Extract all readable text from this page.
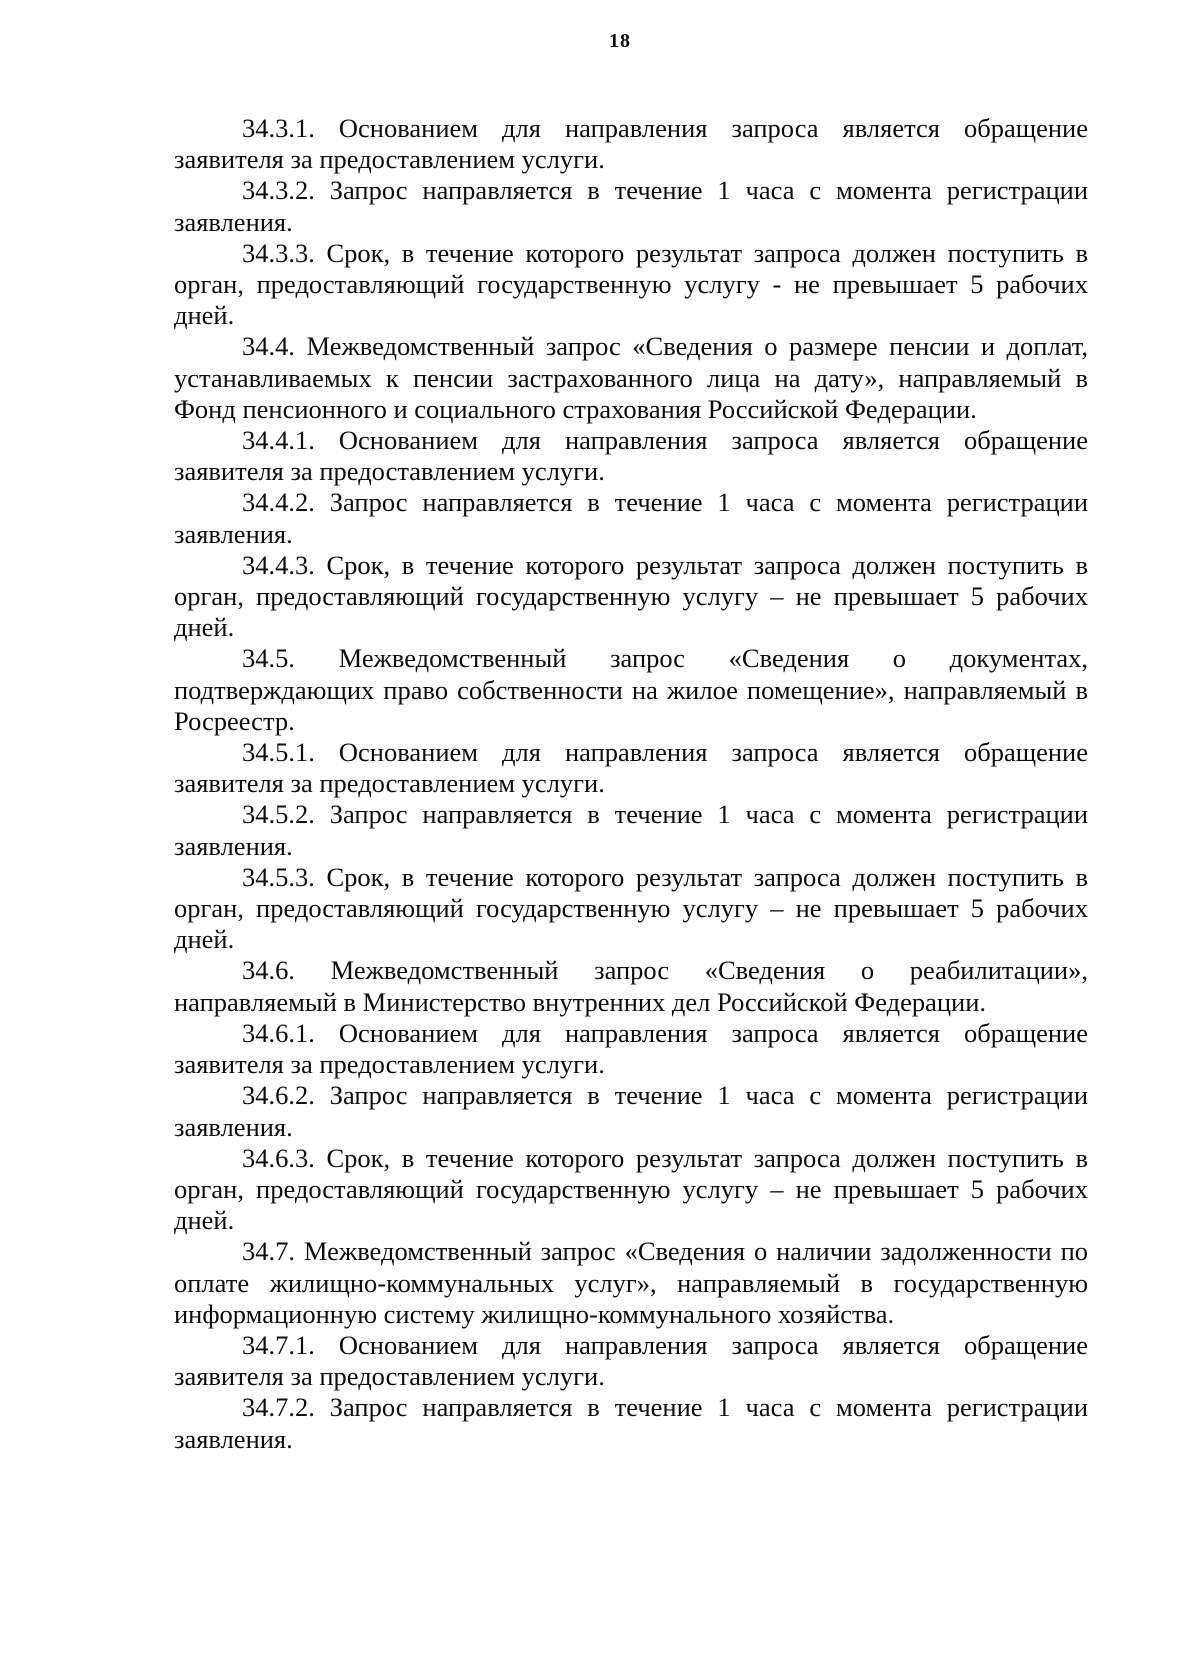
18

34.3.1. Основанием для направления запроса является обращение заявителя за предоставлением услуги.

34.3.2. Запрос направляется в течение 1 часа с момента регистрации заявления.

34.3.3. Срок, в течение которого результат запроса должен поступить в орган, предоставляющий государственную услугу - не превышает 5 рабочих дней.

34.4. Межведомственный запрос «Сведения о размере пенсии и доплат, устанавливаемых к пенсии застрахованного лица на дату», направляемый в Фонд пенсионного и социального страхования Российской Федерации.

34.4.1. Основанием для направления запроса является обращение заявителя за предоставлением услуги.

34.4.2. Запрос направляется в течение 1 часа с момента регистрации заявления.

34.4.3. Срок, в течение которого результат запроса должен поступить в орган, предоставляющий государственную услугу – не превышает 5 рабочих дней.

34.5. Межведомственный запрос «Сведения о документах, подтверждающих право собственности на жилое помещение», направляемый в Росреестр.

34.5.1. Основанием для направления запроса является обращение заявителя за предоставлением услуги.

34.5.2. Запрос направляется в течение 1 часа с момента регистрации заявления.

34.5.3. Срок, в течение которого результат запроса должен поступить в орган, предоставляющий государственную услугу – не превышает 5 рабочих дней.

34.6. Межведомственный запрос «Сведения о реабилитации», направляемый в Министерство внутренних дел Российской Федерации.

34.6.1. Основанием для направления запроса является обращение заявителя за предоставлением услуги.

34.6.2. Запрос направляется в течение 1 часа с момента регистрации заявления.

34.6.3. Срок, в течение которого результат запроса должен поступить в орган, предоставляющий государственную услугу – не превышает 5 рабочих дней.

34.7. Межведомственный запрос «Сведения о наличии задолженности по оплате жилищно-коммунальных услуг», направляемый в государственную информационную систему жилищно-коммунального хозяйства.

34.7.1. Основанием для направления запроса является обращение заявителя за предоставлением услуги.

34.7.2. Запрос направляется в течение 1 часа с момента регистрации заявления.
